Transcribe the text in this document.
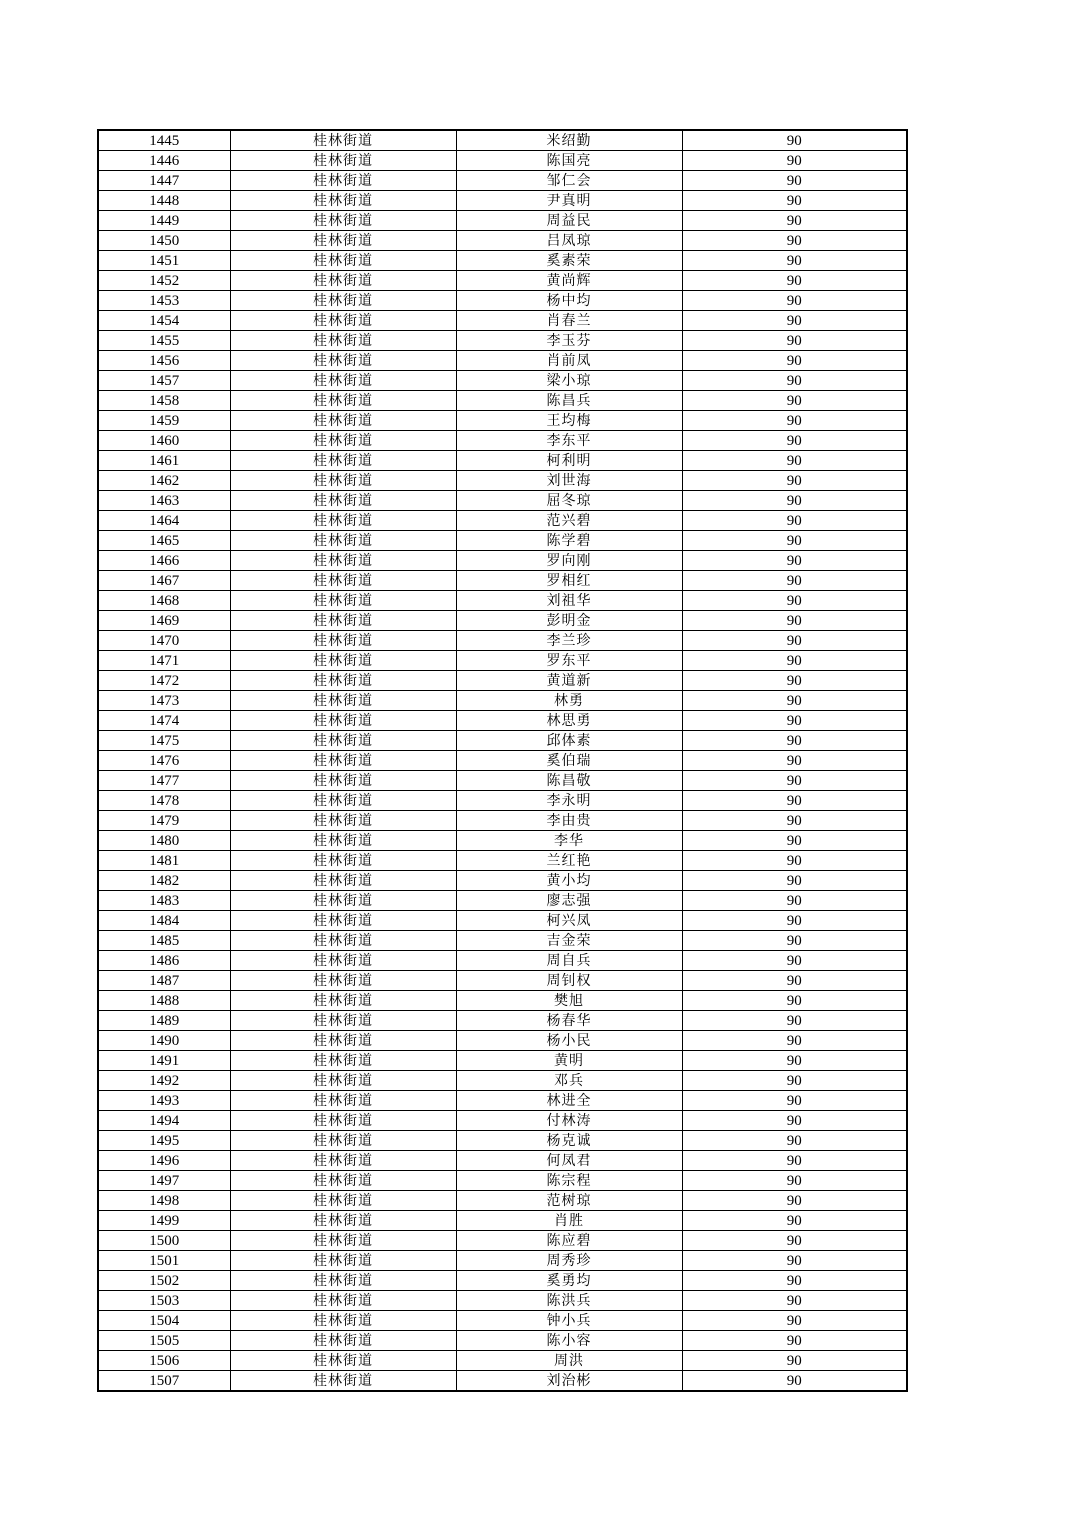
1445	桂林街道	米绍勤	90
1446	桂林街道	陈国亮	90
1447	桂林街道	邹仁会	90
1448	桂林街道	尹真明	90
1449	桂林街道	周益民	90
1450	桂林街道	吕凤琼	90
1451	桂林街道	奚素荣	90
1452	桂林街道	黄尚辉	90
1453	桂林街道	杨中均	90
1454	桂林街道	肖春兰	90
1455	桂林街道	李玉芬	90
1456	桂林街道	肖前凤	90
1457	桂林街道	梁小琼	90
1458	桂林街道	陈昌兵	90
1459	桂林街道	王均梅	90
1460	桂林街道	李东平	90
1461	桂林街道	柯利明	90
1462	桂林街道	刘世海	90
1463	桂林街道	屈冬琼	90
1464	桂林街道	范兴碧	90
1465	桂林街道	陈学碧	90
1466	桂林街道	罗向刚	90
1467	桂林街道	罗相红	90
1468	桂林街道	刘祖华	90
1469	桂林街道	彭明金	90
1470	桂林街道	李兰珍	90
1471	桂林街道	罗东平	90
1472	桂林街道	黄道新	90
1473	桂林街道	林勇	90
1474	桂林街道	林思勇	90
1475	桂林街道	邱体素	90
1476	桂林街道	奚伯瑞	90
1477	桂林街道	陈昌敬	90
1478	桂林街道	李永明	90
1479	桂林街道	李由贵	90
1480	桂林街道	李华	90
1481	桂林街道	兰红艳	90
1482	桂林街道	黄小均	90
1483	桂林街道	廖志强	90
1484	桂林街道	柯兴凤	90
1485	桂林街道	吉金荣	90
1486	桂林街道	周自兵	90
1487	桂林街道	周钊权	90
1488	桂林街道	樊旭	90
1489	桂林街道	杨春华	90
1490	桂林街道	杨小民	90
1491	桂林街道	黄明	90
1492	桂林街道	邓兵	90
1493	桂林街道	林进全	90
1494	桂林街道	付林涛	90
1495	桂林街道	杨克诚	90
1496	桂林街道	何凤君	90
1497	桂林街道	陈宗程	90
1498	桂林街道	范树琼	90
1499	桂林街道	肖胜	90
1500	桂林街道	陈应碧	90
1501	桂林街道	周秀珍	90
1502	桂林街道	奚勇均	90
1503	桂林街道	陈洪兵	90
1504	桂林街道	钟小兵	90
1505	桂林街道	陈小容	90
1506	桂林街道	周洪	90
1507	桂林街道	刘治彬	90
